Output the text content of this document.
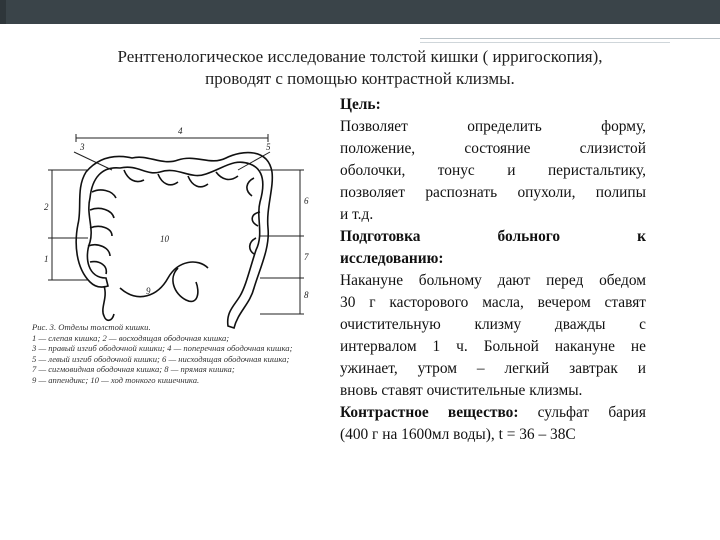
Рентгенологическое исследование толстой кишки ( ирригоскопия),
проводят с помощью контрастной клизмы.
4
3	5
2
1
6
7
8
9
10
Рис. 3. Отделы толстой кишки.
1 — слепая кишка; 2 — восходящая ободочная кишка;
3 — правый изгиб ободочной кишки; 4 — поперечная ободочная кишка;
5 — левый изгиб ободочной кишки; 6 — нисходящая ободочная кишка;
7 — сигмовидная ободочная кишка; 8 — прямая кишка;
9 — аппендикс; 10 — ход тонкого кишечника.

Цель:

Позволяет определить форму,

положение, состояние слизистой

оболочки, тонус и перистальтику,

позволяет распознать опухоли, полипы

и т.д.

Подготовка больного к

исследованию:

Накануне больному дают перед обедом

30 г касторового масла, вечером ставят

очистительную клизму дважды с

интервалом 1 ч. Больной накануне не

ужинает, утром – легкий завтрак и

вновь ставят очистительные клизмы.

Контрастное вещество: сульфат бария

(400 г на 1600мл воды), t = 36 – 38C
